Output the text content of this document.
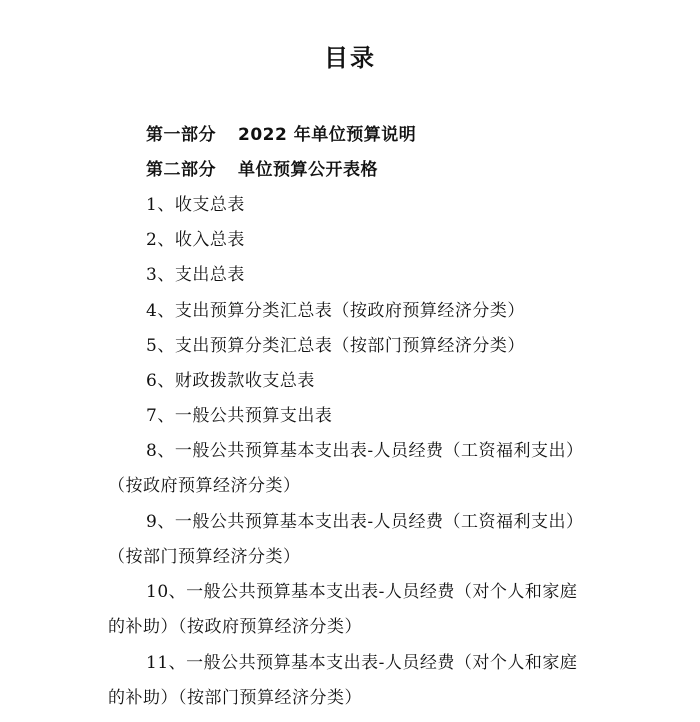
目录
第一部分 2022 年单位预算说明
第二部分 单位预算公开表格
1、收支总表
2、收入总表
3、支出总表
4、支出预算分类汇总表（按政府预算经济分类）
5、支出预算分类汇总表（按部门预算经济分类）
6、财政拨款收支总表
7、一般公共预算支出表
8、一般公共预算基本支出表-人员经费（工资福利支出）
（按政府预算经济分类）
9、一般公共预算基本支出表-人员经费（工资福利支出）
（按部门预算经济分类）
10、一般公共预算基本支出表-人员经费（对个人和家庭
的补助）（按政府预算经济分类）
11、一般公共预算基本支出表-人员经费（对个人和家庭
的补助）（按部门预算经济分类）
